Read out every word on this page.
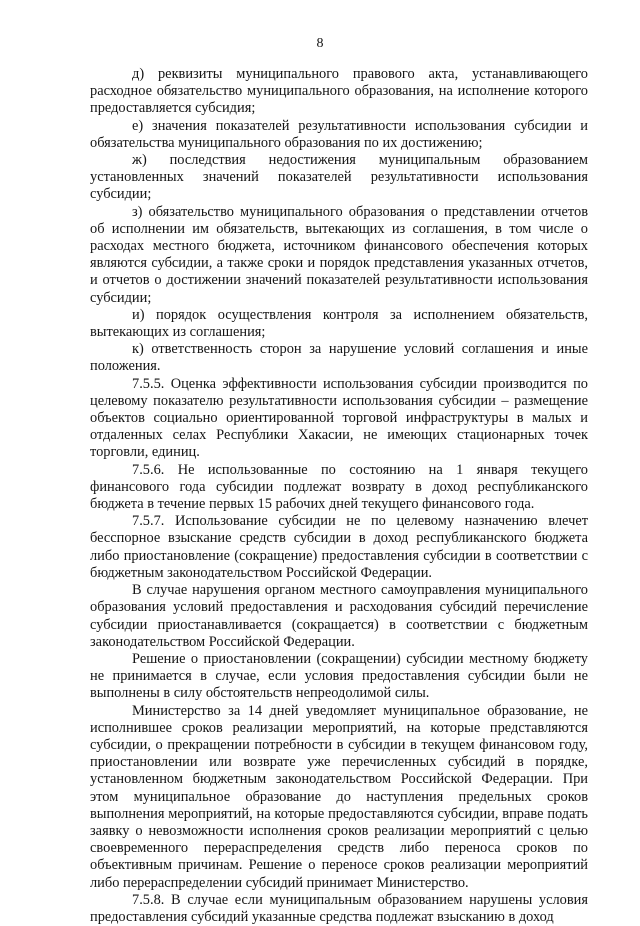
8

д) реквизиты муниципального правового акта, устанавливающего расходное обязательство муниципального образования, на исполнение которого предоставляется субсидия;

е) значения показателей результативности использования субсидии и обязательства муниципального образования по их достижению;

ж) последствия недостижения муниципальным образованием установленных значений показателей результативности использования субсидии;

з) обязательство муниципального образования о представлении отчетов об исполнении им обязательств, вытекающих из соглашения, в том числе о расходах местного бюджета, источником финансового обеспечения которых являются субсидии, а также сроки и порядок представления указанных отчетов, и отчетов о достижении значений показателей результативности использования субсидии;

и) порядок осуществления контроля за исполнением обязательств, вытекающих из соглашения;

к) ответственность сторон за нарушение условий соглашения и иные положения.

7.5.5. Оценка эффективности использования субсидии производится по целевому показателю результативности использования субсидии – размещение объектов социально ориентированной торговой инфраструктуры в малых и отдаленных селах Республики Хакасии, не имеющих стационарных точек торговли, единиц.

7.5.6. Не использованные по состоянию на 1 января текущего финансового года субсидии подлежат возврату в доход республиканского бюджета в течение первых 15 рабочих дней текущего финансового года.

7.5.7. Использование субсидии не по целевому назначению влечет бесспорное взыскание средств субсидии в доход республиканского бюджета либо приостановление (сокращение) предоставления субсидии в соответствии с бюджетным законодательством Российской Федерации.

В случае нарушения органом местного самоуправления муниципального образования условий предоставления и расходования субсидий перечисление субсидии приостанавливается (сокращается) в соответствии с бюджетным законодательством Российской Федерации.

Решение о приостановлении (сокращении) субсидии местному бюджету не принимается в случае, если условия предоставления субсидии были не выполнены в силу обстоятельств непреодолимой силы.

Министерство за 14 дней уведомляет муниципальное образование, не исполнившее сроков реализации мероприятий, на которые представляются субсидии, о прекращении потребности в субсидии в текущем финансовом году, приостановлении или возврате уже перечисленных субсидий в порядке, установленном бюджетным законодательством Российской Федерации. При этом муниципальное образование до наступления предельных сроков выполнения мероприятий, на которые предоставляются субсидии, вправе подать заявку о невозможности исполнения сроков реализации мероприятий с целью своевременного перераспределения средств либо переноса сроков по объективным причинам. Решение о переносе сроков реализации мероприятий либо перераспределении субсидий принимает Министерство.

7.5.8. В случае если муниципальным образованием нарушены условия предоставления субсидий указанные средства подлежат взысканию в доход
